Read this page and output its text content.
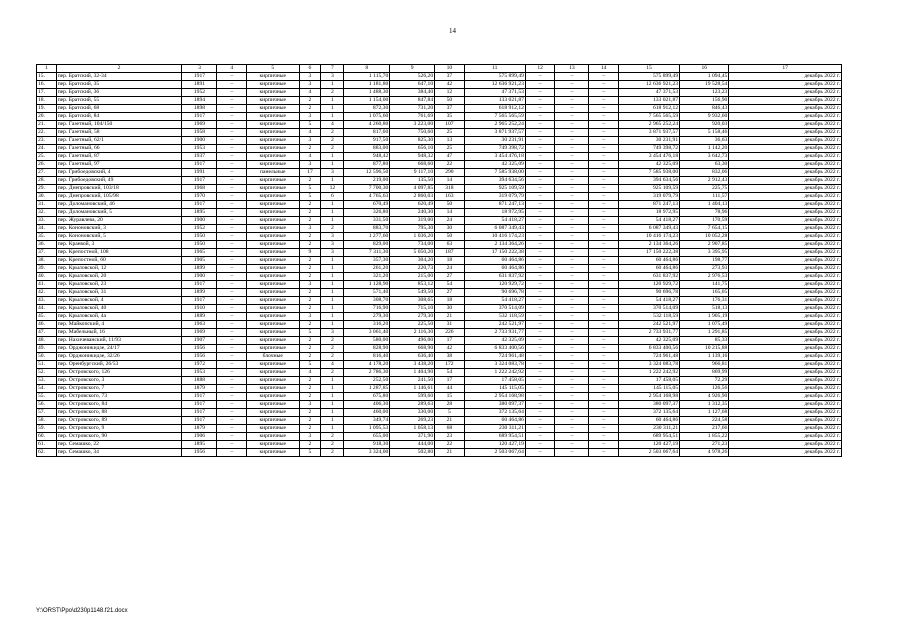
14
1	2	3	4	5	6	7	8	9	10	11	12	13	14	15	16	17
15.	пер. Братский, 32-34	1917	–	кирпичные	3	3	1 115,70	526,20	37	575 899,49	–	–	–	575 899,49	1 094,45	декабрь 2022 г.
16.	пер. Братский, 35	1891	–	кирпичные	3	1	1 181,80	647,10	42	12 636 921,23	–	–	–	12 636 921,23	19 528,54	декабрь 2022 г.
17.	пер. Братский, 36	1952	–	кирпичные	4	2	1 488,30	384,40	12	47 371,53	–	–	–	47 371,53	123,23	декабрь 2022 г.
18.	пер. Братский, 55	1894	–	кирпичные	2	1	1 154,00	847,84	50	133 021,87	–	–	–	133 021,87	156,90	декабрь 2022 г.
19.	пер. Братский, 68	1898	–	кирпичные	2	1	872,30	731,20	37	618 912,12	–	–	–	618 912,12	846,43	декабрь 2022 г.
20.	пер. Братский, 84	1917	–	кирпичные	3	1	1 075,60	761,69	35	7 565 565,59	–	–	–	7 565 565,59	9 932,60	декабрь 2022 г.
21.	пер. Газетный, 104/150	1969	–	кирпичные	5	4	4 260,80	3 223,00	107	2 965 252,24	–	–	–	2 965 252,24	920,03	декабрь 2022 г.
22.	пер. Газетный, 58	1958	–	кирпичные	4	2	817,60	750,60	25	3 871 937,57	–	–	–	3 871 937,57	5 158,46	декабрь 2022 г.
23.	пер. Газетный, 62/1	1900	–	кирпичные	3	2	917,50	825,30	13	30 231,91	–	–	–	30 231,91	36,63	декабрь 2022 г.
24.	пер. Газетный, 66	1953	–	кирпичные	2	2	883,00	656,10	25	749 398,72	–	–	–	749 398,72	1 142,20	декабрь 2022 г.
25.	пер. Газетный, 87	1937	–	кирпичные	4	1	948,42	948,32	47	3 454 476,18	–	–	–	3 454 476,18	3 642,73	декабрь 2022 г.
26.	пер. Газетный, 97	1917	–	кирпичные	3	1	877,80	668,60	22	42 325,09	–	–	–	42 325,09	63,30	декабрь 2022 г.
27.	пер. Грибоедовский, 4	1991	–	панельные	17	3	12 596,50	9 117,10	290	7 585 938,00	–	–	–	7 585 938,00	832,06	декабрь 2022 г.
28.	пер. Грибоедовский, 49	1917	–	кирпичные	2	1	219,00	135,50	14	394 634,56	–	–	–	394 634,56	2 912,43	декабрь 2022 г.
29.	пер. Днепровский, 103/18	1968	–	кирпичные	5	12	7 700,30	4 097,85	318	925 109,59	–	–	–	925 109,59	225,75	декабрь 2022 г.
30.	пер. Днепровский, 105/98	1970	–	кирпичные	5	6	4 765,63	2 860,03	163	319 079,79	–	–	–	319 079,79	111,57	декабрь 2022 г.
31.	пер. Доломановский, 46	1917	–	кирпичные	2	1	670,49	620,49	50	871 247,13	–	–	–	871 247,13	1 404,13	декабрь 2022 г.
32.	пер. Доломановский, 5	1895	–	кирпичные	2	1	326,80	240,30	14	18 972,95	–	–	–	18 972,95	78,96	декабрь 2022 г.
33.	пер. Журавлева, 20	1900	–	кирпичные	2	1	331,50	319,00	24	54 418,27	–	–	–	54 418,27	170,59	декабрь 2022 г.
34.	пер. Кононовский, 3	1952	–	кирпичные	3	2	883,70	795,30	30	6 087 349,43	–	–	–	6 087 349,43	7 654,15	декабрь 2022 г.
35.	пер. Кононовский, 5	1950	–	кирпичные	2	3	1 277,60	1 036,20	50	10 416 174,23	–	–	–	10 416 174,23	10 052,28	декабрь 2022 г.
36.	пер. Краевой, 3	1950	–	кирпичные	2	3	829,00	734,00	63	2 134 364,26	–	–	–	2 134 364,26	2 907,85	декабрь 2022 г.
37.	пер. Крепостной, 108	1965	–	кирпичные	9	3	7 311,30	5 050,20	187	17 150 222,38	–	–	–	17 150 222,38	3 395,95	декабрь 2022 г.
38.	пер. Крепостной, 60	1905	–	кирпичные	2	1	357,30	304,20	18	60 464,86	–	–	–	60 464,86	198,77	декабрь 2022 г.
39.	пер. Крыловской, 12	1899	–	кирпичные	2	1	261,20	220,73	24	60 464,86	–	–	–	60 464,86	273,93	декабрь 2022 г.
40.	пер. Крыловской, 20	1900	–	кирпичные	2	1	321,20	215,00	27	631 837,92	–	–	–	631 837,92	2 976,53	декабрь 2022 г.
41.	пер. Крыловской, 23	1917	–	кирпичные	3	1	1 128,90	853,12	54	120 929,72	–	–	–	120 929,72	141,75	декабрь 2022 г.
42.	пер. Крыловской, 31	1899	–	кирпичные	2	1	571,40	549,50	27	90 696,78	–	–	–	90 696,78	165,05	декабрь 2022 г.
43.	пер. Крыловской, 4	1917	–	кирпичные	2	1	308,70	308,65	18	54 418,27	–	–	–	54 418,27	176,31	декабрь 2022 г.
44.	пер. Крыловской, 40	1910	–	кирпичные	2	1	716,90	715,10	30	370 514,09	–	–	–	370 514,09	518,13	декабрь 2022 г.
45.	пер. Крыловской, 4а	1889	–	кирпичные	3	1	279,30	279,30	21	532 118,59	–	–	–	532 118,59	1 905,19	декабрь 2022 г.
46.	пер. Майкопский, 4	1963	–	кирпичные	2	1	316,20	225,50	31	242 521,97	–	–	–	242 521,97	1 075,49	декабрь 2022 г.
47.	пер. Мабельный, 16	1969	–	кирпичные	5	3	3 061,40	2 116,30	226	2 733 931,77	–	–	–	2 733 931,77	1 291,85	декабрь 2022 г.
48.	пер. Нахичеванский, 11/93	1907	–	кирпичные	2	2	580,00	496,00	17	42 325,09	–	–	–	42 325,09	85,33	декабрь 2022 г.
49.	пер. Орджоникидзе, 24/17	1956	–	кирпичные	2	2	828,90	668,90	42	6 833 400,56	–	–	–	6 833 400,56	10 215,88	декабрь 2022 г.
50.	пер. Орджоникидзе, 32/26	1956	–	блочные	2	2	816,40	636,40	38	724 961,48	–	–	–	724 961,48	1 139,16	декабрь 2022 г.
51.	пер. Оренбургский, 26/53	1972	–	кирпичные	5	4	4 178,20	3 438,20	172	3 324 083,78	–	–	–	3 324 083,78	966,81	декабрь 2022 г.
52.	пер. Островского, 126	1953	–	кирпичные	4	2	2 786,30	1 404,90	54	1 222 242,92	–	–	–	1 222 242,92	869,99	декабрь 2022 г.
53.	пер. Островского, 3	1888	–	кирпичные	2	1	252,50	241,50	17	17 458,05	–	–	–	17 458,05	72,29	декабрь 2022 г.
54.	пер. Островского, 7	1879	–	кирпичные	2	1	1 287,85	1 146,61	44	145 115,05	–	–	–	145 115,05	126,56	декабрь 2022 г.
55.	пер. Островского, 73	1917	–	кирпичные	2	1	675,80	599,60	15	2 954 168,98	–	–	–	2 954 168,98	4 926,90	декабрь 2022 г.
56.	пер. Островского, 84	1917	–	кирпичные	3	1	406,30	289,63	28	380 097,37	–	–	–	380 097,37	1 312,35	декабрь 2022 г.
57.	пер. Островского, 88	1917	–	кирпичные	2	1	460,00	330,00	5	372 135,64	–	–	–	372 135,64	1 127,68	декабрь 2022 г.
58.	пер. Островского, 89	1917	–	кирпичные	2	1	349,74	269,23	21	60 464,86	–	–	–	60 464,86	224,58	декабрь 2022 г.
59.	пер. Островского, 9	1879	–	кирпичные	2	1	1 095,53	1 058,13	68	230 311,21	–	–	–	230 311,21	217,66	декабрь 2022 г.
60.	пер. Островского, 90	1906	–	кирпичные	3	2	655,00	371,90	23	689 954,51	–	–	–	689 954,51	1 855,22	декабрь 2022 г.
61.	пер. Семашко, 22	1895	–	кирпичные	2	2	918,30	444,00	22	120 427,19	–	–	–	120 427,19	271,23	декабрь 2022 г.
62.	пер. Семашко, 34	1956	–	кирпичные	5	2	3 324,00	502,80	21	2 503 067,64	–	–	–	2 503 067,64	4 978,26	декабрь 2022 г.
Y:\ORST\Ppo\d230p1148.f21.docx
